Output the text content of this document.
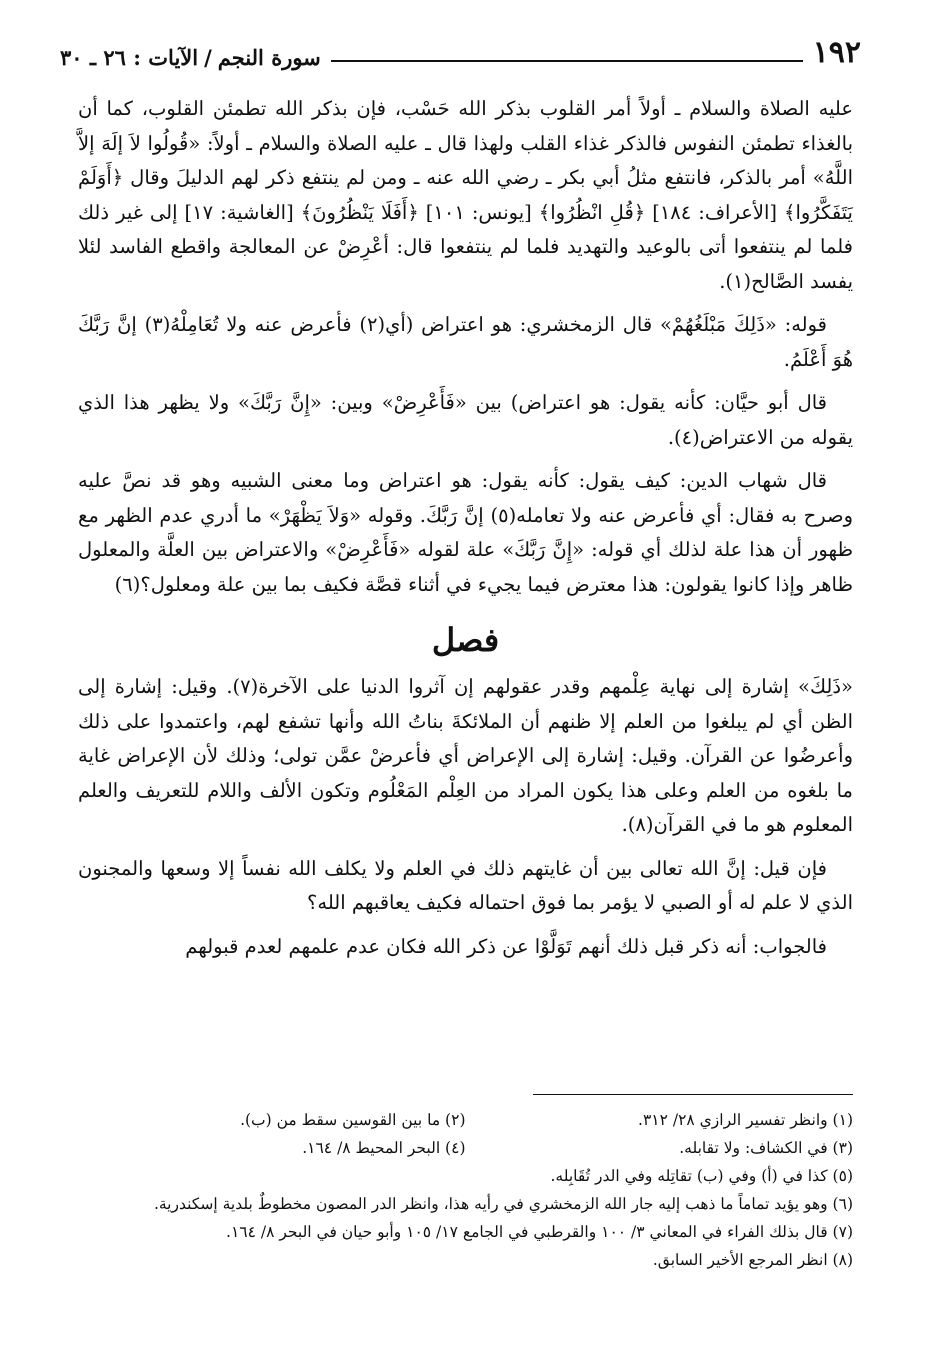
١٩٢
سورة النجم
/
الآيات : ٢٦ ـ ٣٠

عليه الصلاة والسلام ـ أولاً أمر القلوب بذكر الله حَسْب، فإن بذكر الله تطمئن القلوب، كما أن بالغذاء تطمئن النفوس فالذكر غذاء القلب ولهذا قال ـ عليه الصلاة والسلام ـ أولاً: «قُولُوا لاَ إلَهَ إلاَّ اللَّهُ» أمر بالذكر، فانتفع مثلُ أبي بكر ـ رضي الله عنه ـ ومن لم ينتفع ذكر لهم الدليلَ وقال ﴿أَوَلَمْ يَتَفَكَّرُوا﴾ [الأعراف: ١٨٤] ﴿قُلِ انْظُرُوا﴾ [يونس: ١٠١] ﴿أَفَلَا يَنْظُرُونَ﴾ [الغاشية: ١٧] إلى غير ذلك فلما لم ينتفعوا أتى بالوعيد والتهديد فلما لم ينتفعوا قال: أعْرِضْ عن المعالجة واقطع الفاسد لئلا يفسد الصَّالح(١).

قوله: «ذَلِكَ مَبْلَغُهُمْ» قال الزمخشري: هو اعتراض (أي(٢) فأعرض عنه ولا تُعَامِلْهُ(٣) إنَّ رَبَّكَ هُوَ أَعْلَمُ.

قال أبو حيَّان: كأنه يقول: هو اعتراض) بين «فَأَعْرِضْ» وبين: «إِنَّ رَبَّكَ» ولا يظهر هذا الذي يقوله من الاعتراض(٤).

قال شهاب الدين: كيف يقول: كأنه يقول: هو اعتراض وما معنى الشبيه وهو قد نصَّ عليه وصرح به فقال: أي فأعرض عنه ولا تعامله(٥) إنَّ رَبَّكَ. وقوله «وَلاَ يَظْهَرْ» ما أدري عدم الظهر مع ظهور أن هذا علة لذلك أي قوله: «إِنَّ رَبَّكَ» علة لقوله «فَأَعْرِضْ» والاعتراض بين العلَّة والمعلول ظاهر وإذا كانوا يقولون: هذا معترض فيما يجيء في أثناء قصَّة فكيف بما بين علة ومعلول؟(٦)

فصل

«ذَلِكَ» إشارة إلى نهاية عِلْمهم وقدر عقولهم إن آثروا الدنيا على الآخرة(٧). وقيل: إشارة إلى الظن أي لم يبلغوا من العلم إلا ظنهم أن الملائكةَ بناتُ الله وأنها تشفع لهم، واعتمدوا على ذلك وأعرضُوا عن القرآن. وقيل: إشارة إلى الإعراض أي فأعرضْ عمَّن تولى؛ وذلك لأن الإعراض غاية ما بلغوه من العلم وعلى هذا يكون المراد من العِلْم المَعْلُوم وتكون الألف واللام للتعريف والعلم المعلوم هو ما في القرآن(٨).

فإن قيل: إنَّ الله تعالى بين أن غايتهم ذلك في العلم ولا يكلف الله نفساً إلا وسعها والمجنون الذي لا علم له أو الصبي لا يؤمر بما فوق احتماله فكيف يعاقبهم الله؟

فالجواب: أنه ذكر قبل ذلك أنهم تَوَلَّوْا عن ذكر الله فكان عدم علمهم لعدم قبولهم

(١) وانظر تفسير الرازي ٢٨/ ٣١٢.
(٢) ما بين القوسين سقط من (ب).
(٣) في الكشاف: ولا تقابله.
(٤) البحر المحيط ٨/ ١٦٤.
(٥) كذا في (أ) وفي (ب) تقاتِله وفي الدر تُقَابِله.
(٦) وهو يؤيد تماماً ما ذهب إليه جار الله الزمخشري في رأيه هذا، وانظر الدر المصون مخطوطٌ بلدية إسكندرية.
(٧) قال بذلك الفراء في المعاني ٣/ ١٠٠ والقرطبي في الجامع ١٧/ ١٠٥ وأبو حيان في البحر ٨/ ١٦٤.
(٨) انظر المرجع الأخير السابق.
